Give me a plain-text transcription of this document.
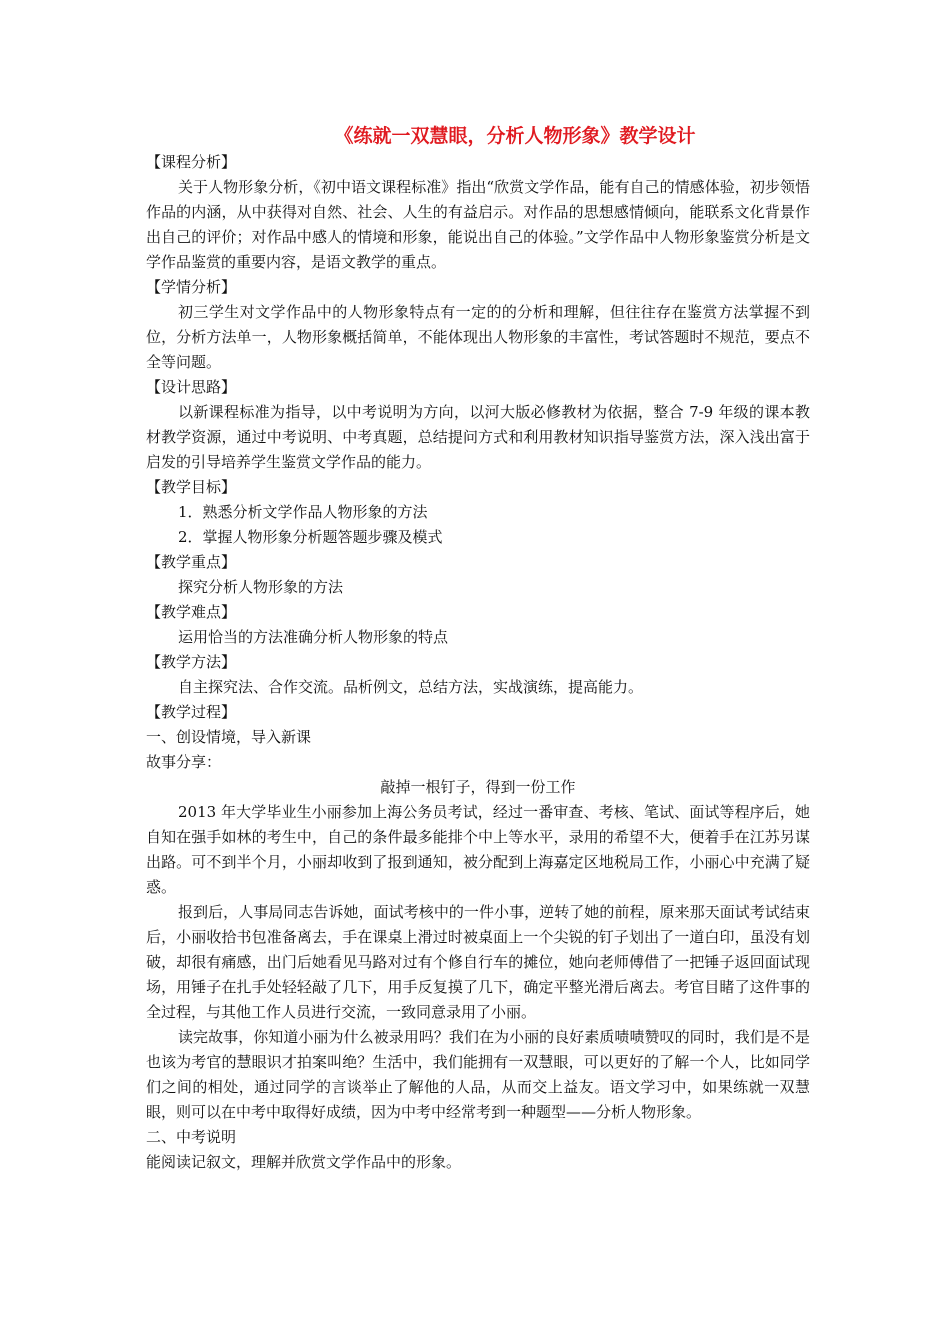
《练就一双慧眼，分析人物形象》教学设计

【课程分析】

关于人物形象分析，《初中语文课程标准》指出“欣赏文学作品，能有自己的情感体验，初步领悟作品的内涵，从中获得对自然、社会、人生的有益启示。对作品的思想感情倾向，能联系文化背景作出自己的评价；对作品中感人的情境和形象，能说出自己的体验。”文学作品中人物形象鉴赏分析是文学作品鉴赏的重要内容，是语文教学的重点。

【学情分析】

初三学生对文学作品中的人物形象特点有一定的的分析和理解，但往往存在鉴赏方法掌握不到位，分析方法单一，人物形象概括简单，不能体现出人物形象的丰富性，考试答题时不规范，要点不全等问题。

【设计思路】

以新课程标准为指导，以中考说明为方向，以河大版必修教材为依据，整合 7-9 年级的课本教材教学资源，通过中考说明、中考真题，总结提问方式和利用教材知识指导鉴赏方法，深入浅出富于启发的引导培养学生鉴赏文学作品的能力。

【教学目标】

1．熟悉分析文学作品人物形象的方法

2．掌握人物形象分析题答题步骤及模式

【教学重点】

探究分析人物形象的方法

【教学难点】

运用恰当的方法准确分析人物形象的特点

【教学方法】

自主探究法、合作交流。品析例文，总结方法，实战演练，提高能力。

【教学过程】

一、创设情境，导入新课

故事分享：

敲掉一根钉子，得到一份工作

2013 年大学毕业生小丽参加上海公务员考试，经过一番审查、考核、笔试、面试等程序后，她自知在强手如林的考生中，自己的条件最多能排个中上等水平，录用的希望不大，便着手在江苏另谋出路。可不到半个月，小丽却收到了报到通知，被分配到上海嘉定区地税局工作，小丽心中充满了疑惑。

报到后，人事局同志告诉她，面试考核中的一件小事，逆转了她的前程，原来那天面试考试结束后，小丽收拾书包准备离去，手在课桌上滑过时被桌面上一个尖锐的钉子划出了一道白印，虽没有划破，却很有痛感，出门后她看见马路对过有个修自行车的摊位，她向老师傅借了一把锤子返回面试现场，用锤子在扎手处轻轻敲了几下，用手反复摸了几下，确定平整光滑后离去。考官目睹了这件事的全过程，与其他工作人员进行交流，一致同意录用了小丽。

读完故事，你知道小丽为什么被录用吗？我们在为小丽的良好素质啧啧赞叹的同时，我们是不是也该为考官的慧眼识才拍案叫绝？生活中，我们能拥有一双慧眼，可以更好的了解一个人，比如同学们之间的相处，通过同学的言谈举止了解他的人品，从而交上益友。语文学习中，如果练就一双慧眼，则可以在中考中取得好成绩，因为中考中经常考到一种题型——分析人物形象。

二、中考说明

能阅读记叙文，理解并欣赏文学作品中的形象。
